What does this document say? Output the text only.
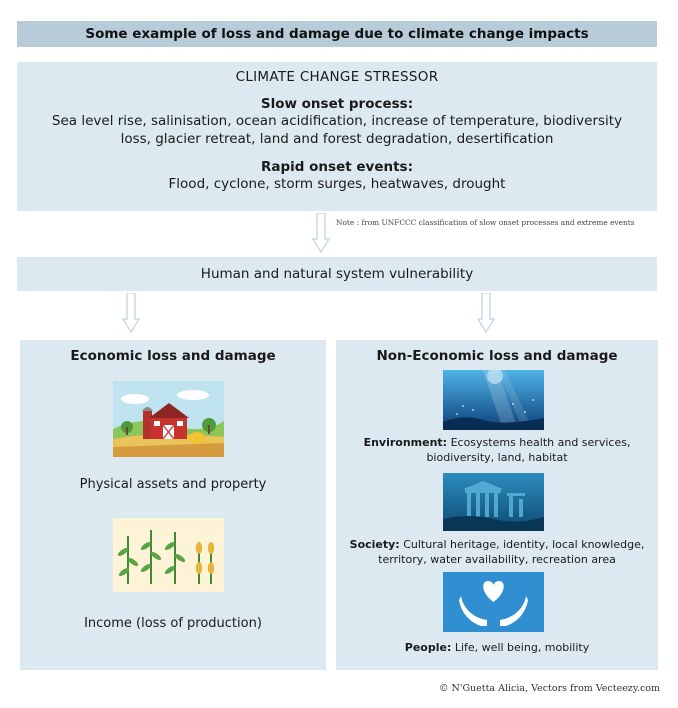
Some example of loss and damage due to climate change impacts
CLIMATE CHANGE STRESSOR
Slow onset process:
Sea level rise, salinisation, ocean acidification, increase of temperature, biodiversity
loss, glacier retreat, land and forest degradation, desertification
Rapid onset events:
Flood, cyclone, storm surges, heatwaves, drought
Note : from UNFCCC classification of slow onset processes and extreme events
Human and natural system vulnerability
Economic loss and damage
Physical assets and property
Income (loss of production)
Non-Economic loss and damage
Environment: Ecosystems health and services,
biodiversity, land, habitat
Society: Cultural heritage, identity, local knowledge,
territory, water availability, recreation area
People: Life, well being, mobility
© N'Guetta Alicia, Vectors from Vecteezy.com
